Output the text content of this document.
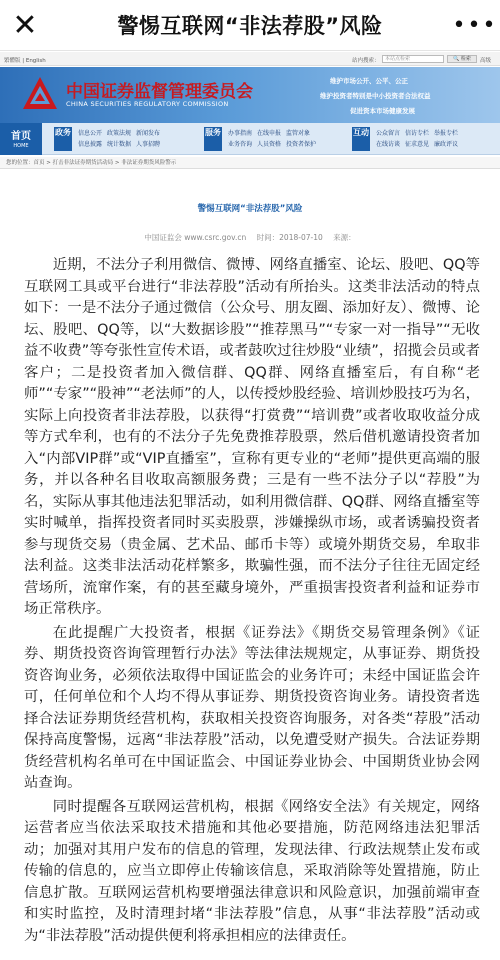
✕	警惕互联网“非法荐股”风险	•••
繁體版 | English	站内搜索：	本站点检索	🔍 检索	高级
中国证券监督管理委员会
CHINA SECURITIES REGULATORY COMMISSION
维护市场公开、公平、公正
维护投资者特别是中小投资者合法权益
促进资本市场健康发展
首页
HOME
政务 信息公开 政策法规 新闻发布
信息披露 统计数据 人事招聘
服务 办事指南 在线申报 监管对象
业务咨询 人员资格 投资者保护
互动 公众留言 信访专栏 举报专栏
在线访谈 征求意见 廉政评议
您的位置：首页 > 打击非法证券期货活动局 > 非法证券期货风险警示
警惕互联网“非法荐股”风险
中国证监会 www.csrc.gov.cn 时间：2018-07-10 来源：

近期，不法分子利用微信、微博、网络直播室、论坛、股吧、QQ等互联网工具或平台进行“非法荐股”活动有所抬头。这类非法活动的特点如下：一是不法分子通过微信（公众号、朋友圈、添加好友）、微博、论坛、股吧、QQ等，以“大数据诊股”“推荐黑马”“专家一对一指导”“无收益不收费”等夸张性宣传术语，或者鼓吹过往炒股“业绩”，招揽会员或者客户；二是投资者加入微信群、QQ群、网络直播室后，有自称“老师”“专家”“股神”“老法师”的人，以传授炒股经验、培训炒股技巧为名，实际上向投资者非法荐股，以获得“打赏费”“培训费”或者收取收益分成等方式牟利，也有的不法分子先免费推荐股票，然后借机邀请投资者加入“内部VIP群”或“VIP直播室”，宣称有更专业的“老师”提供更高端的服务，并以各种名目收取高额服务费；三是有一些不法分子以“荐股”为名，实际从事其他违法犯罪活动，如利用微信群、QQ群、网络直播室等实时喊单，指挥投资者同时买卖股票，涉嫌操纵市场，或者诱骗投资者参与现货交易（贵金属、艺术品、邮币卡等）或境外期货交易，牟取非法利益。这类非法活动花样繁多，欺骗性强，而不法分子往往无固定经营场所，流窜作案，有的甚至藏身境外，严重损害投资者利益和证券市场正常秩序。

在此提醒广大投资者，根据《证券法》《期货交易管理条例》《证券、期货投资咨询管理暂行办法》等法律法规规定，从事证券、期货投资咨询业务，必须依法取得中国证监会的业务许可；未经中国证监会许可，任何单位和个人均不得从事证券、期货投资咨询业务。请投资者选择合法证券期货经营机构，获取相关投资咨询服务，对各类“荐股”活动保持高度警惕，远离“非法荐股”活动，以免遭受财产损失。合法证券期货经营机构名单可在中国证监会、中国证券业协会、中国期货业协会网站查询。

同时提醒各互联网运营机构，根据《网络安全法》有关规定，网络运营者应当依法采取技术措施和其他必要措施，防范网络违法犯罪活动；加强对其用户发布的信息的管理，发现法律、行政法规禁止发布或传输的信息的，应当立即停止传输该信息，采取消除等处置措施，防止信息扩散。互联网运营机构要增强法律意识和风险意识，加强前端审查和实时监控，及时清理封堵“非法荐股”信息，从事“非法荐股”活动或为“非法荐股”活动提供便利将承担相应的法律责任。
